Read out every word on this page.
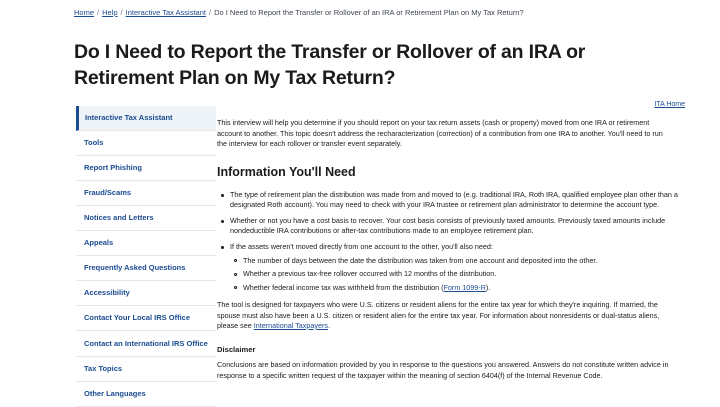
Home / Help / Interactive Tax Assistant / Do I Need to Report the Transfer or Rollover of an IRA or Retirement Plan on My Tax Return?
Do I Need to Report the Transfer or Rollover of an IRA or Retirement Plan on My Tax Return?
Interactive Tax Assistant
Tools
Report Phishing
Fraud/Scams
Notices and Letters
Appeals
Frequently Asked Questions
Accessibility
Contact Your Local IRS Office
Contact an International IRS Office
Tax Topics
Other Languages
ITA Home

This interview will help you determine if you should report on your tax return assets (cash or property) moved from one IRA or retirement account to another. This topic doesn't address the recharacterization (correction) of a contribution from one IRA to another. You'll need to run the interview for each rollover or transfer event separately.

Information You'll Need
The type of retirement plan the distribution was made from and moved to (e.g. traditional IRA, Roth IRA, qualified employee plan other than a designated Roth account). You may need to check with your IRA trustee or retirement plan administrator to determine the account type.
Whether or not you have a cost basis to recover. Your cost basis consists of previously taxed amounts. Previously taxed amounts include nondeductible IRA contributions or after-tax contributions made to an employee retirement plan.
If the assets weren't moved directly from one account to the other, you'll also need:
The number of days between the date the distribution was taken from one account and deposited into the other.
Whether a previous tax-free rollover occurred with 12 months of the distribution.
Whether federal income tax was withheld from the distribution (Form 1099-R).

The tool is designed for taxpayers who were U.S. citizens or resident aliens for the entire tax year for which they're inquiring. If married, the spouse must also have been a U.S. citizen or resident alien for the entire tax year. For information about nonresidents or dual-status aliens, please see International Taxpayers.

Disclaimer

Conclusions are based on information provided by you in response to the questions you answered. Answers do not constitute written advice in response to a specific written request of the taxpayer within the meaning of section 6404(f) of the Internal Revenue Code.
